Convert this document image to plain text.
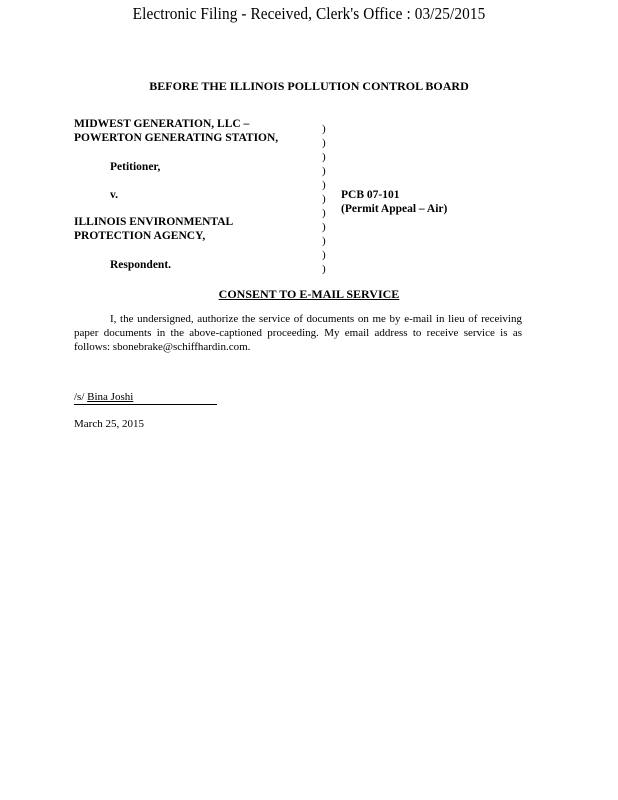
Electronic Filing - Received, Clerk's Office : 03/25/2015
BEFORE THE ILLINOIS POLLUTION CONTROL BOARD
MIDWEST GENERATION, LLC –
POWERTON GENERATING STATION,
Petitioner,
v.
ILLINOIS ENVIRONMENTAL
PROTECTION AGENCY,
Respondent.
PCB 07-101
(Permit Appeal – Air)
)
)
)
)
)
)
)
)
)
)
)
CONSENT TO E-MAIL SERVICE
I, the undersigned, authorize the service of documents on me by e-mail in lieu of receiving paper documents in the above-captioned proceeding. My email address to receive service is as follows: sbonebrake@schiffhardin.com.
/s/ Bina Joshi
March 25, 2015
